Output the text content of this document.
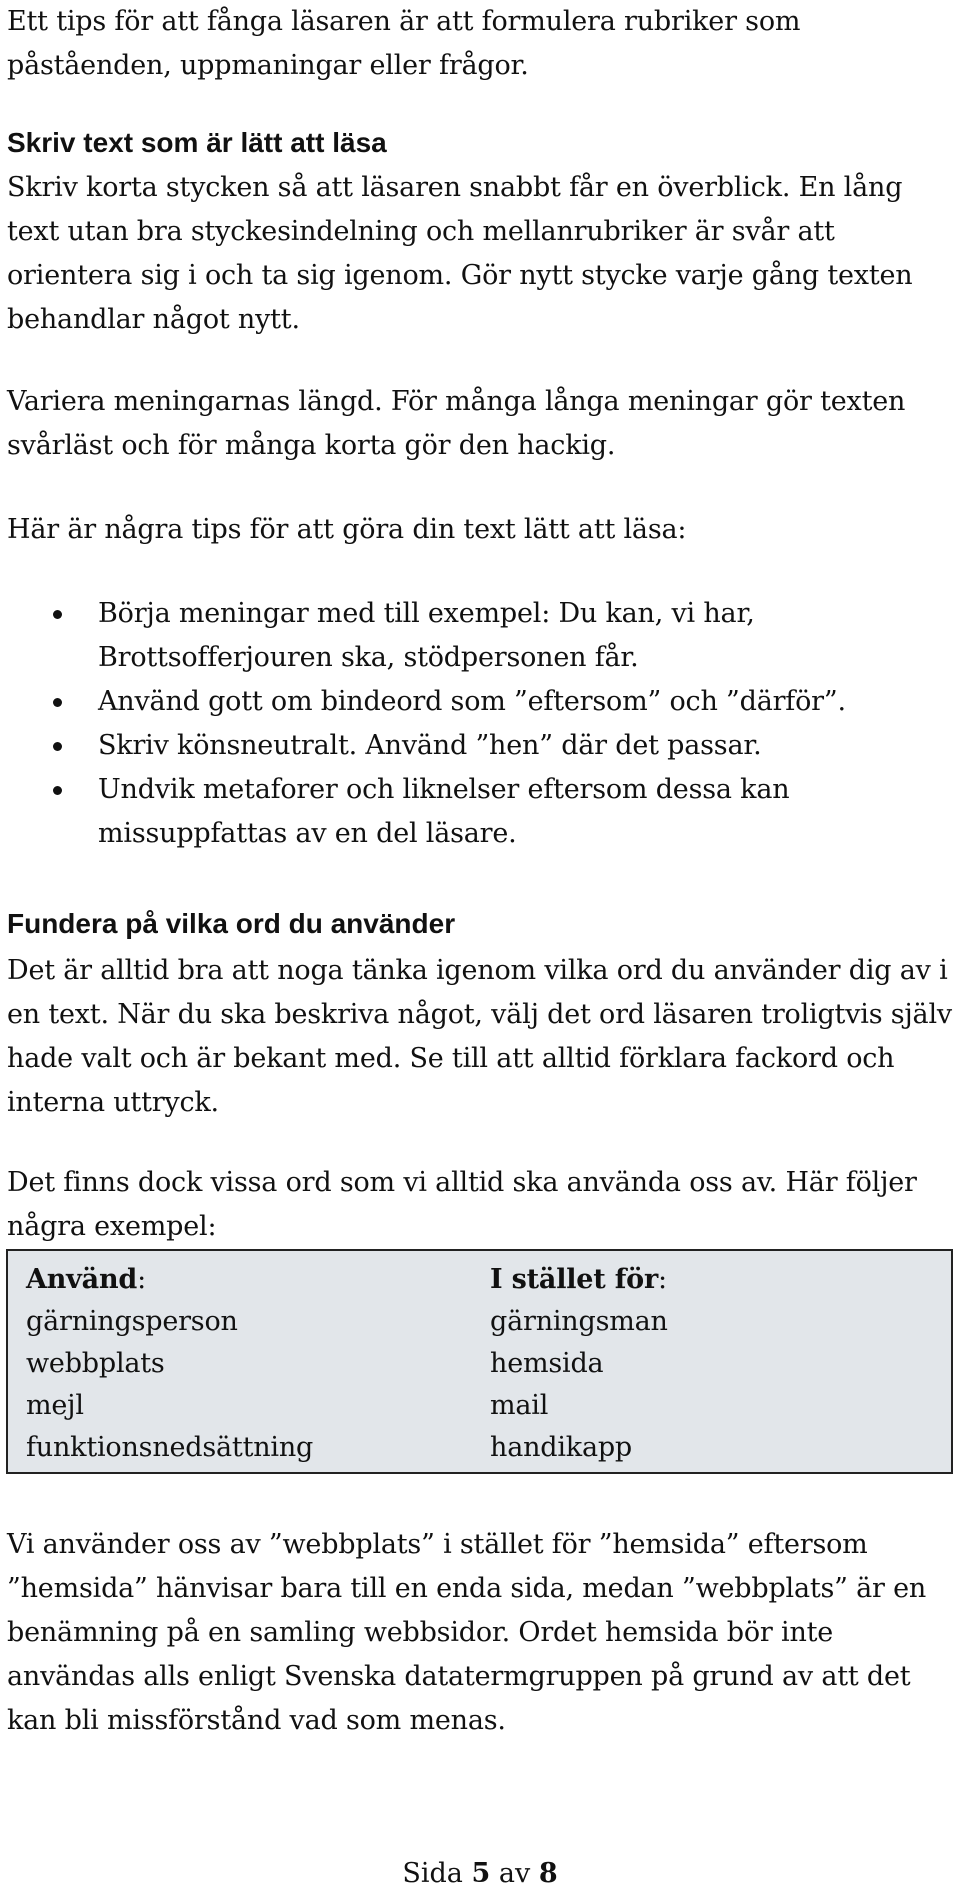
Ett tips för att fånga läsaren är att formulera rubriker som påståenden, uppmaningar eller frågor.

Skriv text som är lätt att läsa

Skriv korta stycken så att läsaren snabbt får en överblick. En lång text utan bra styckesindelning och mellanrubriker är svår att orientera sig i och ta sig igenom. Gör nytt stycke varje gång texten behandlar något nytt.

Variera meningarnas längd. För många långa meningar gör texten svårläst och för många korta gör den hackig.

Här är några tips för att göra din text lätt att läsa:

Börja meningar med till exempel: Du kan, vi har, Brottsofferjouren ska, stödpersonen får.
Använd gott om bindeord som ”eftersom” och ”därför”.
Skriv könsneutralt. Använd ”hen” där det passar.
Undvik metaforer och liknelser eftersom dessa kan missuppfattas av en del läsare.
Fundera på vilka ord du använder

Det är alltid bra att noga tänka igenom vilka ord du använder dig av i en text. När du ska beskriva något, välj det ord läsaren troligtvis själv hade valt och är bekant med. Se till att alltid förklara fackord och interna uttryck.

Det finns dock vissa ord som vi alltid ska använda oss av. Här följer några exempel:

Använd:
gärningsperson
webbplats
mejl
funktionsnedsättning
I stället för:
gärningsman
hemsida
mail
handikapp

Vi använder oss av ”webbplats” i stället för ”hemsida” eftersom ”hemsida” hänvisar bara till en enda sida, medan ”webbplats” är en benämning på en samling webbsidor. Ordet hemsida bör inte användas alls enligt Svenska datatermgruppen på grund av att det kan bli missförstånd vad som menas.

Sida 5 av 8
